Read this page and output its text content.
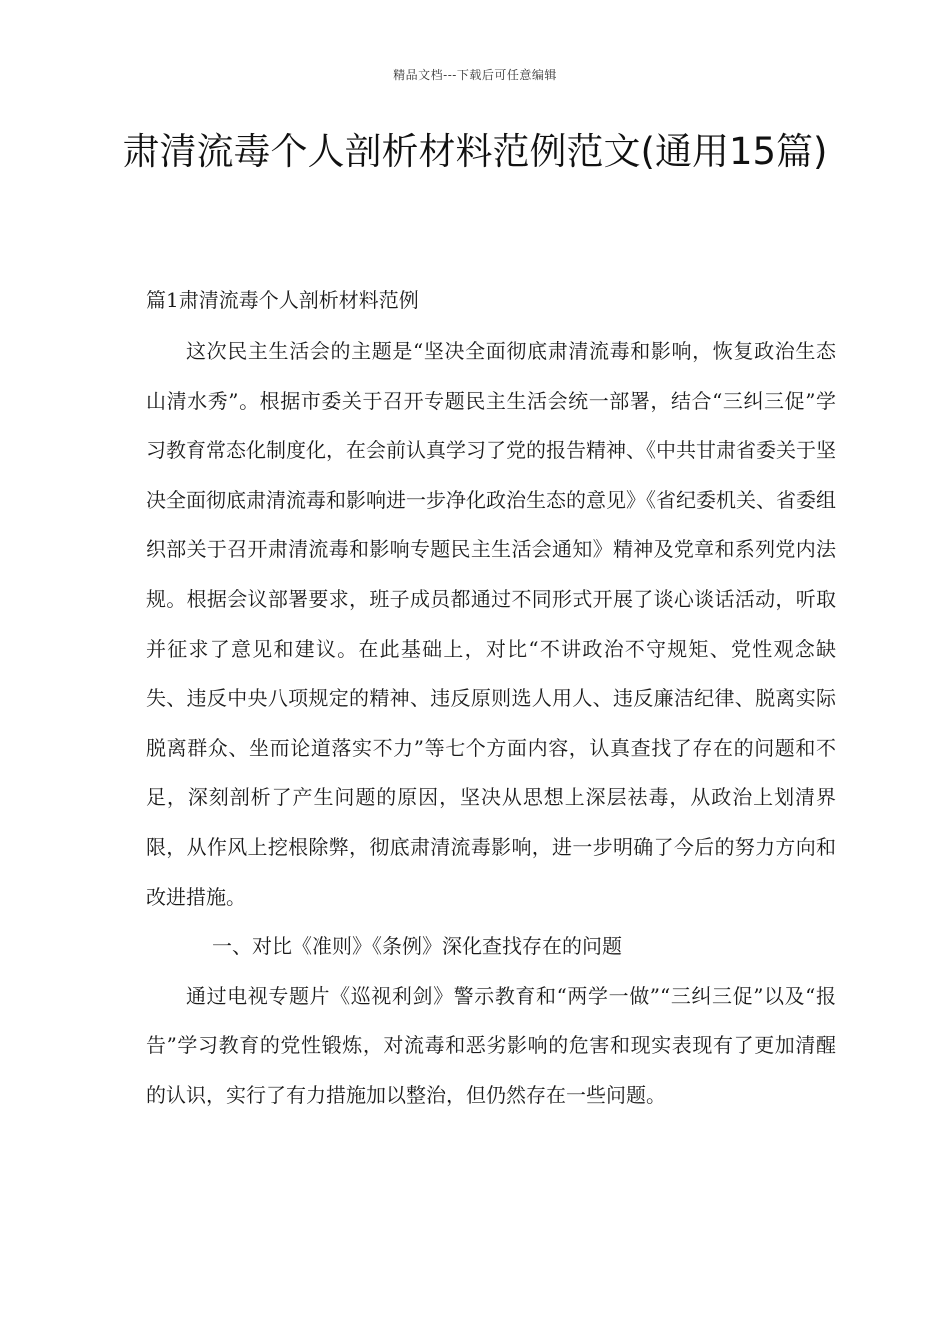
精品文档---下载后可任意编辑
肃清流毒个人剖析材料范例范文(通用15篇)
篇1肃清流毒个人剖析材料范例

这次民主生活会的主题是“坚决全面彻底肃清流毒和影响，恢复政治生态山清水秀”。根据市委关于召开专题民主生活会统一部署，结合“三纠三促”学习教育常态化制度化，在会前认真学习了党的报告精神、《中共甘肃省委关于坚决全面彻底肃清流毒和影响进一步净化政治生态的意见》《省纪委机关、省委组织部关于召开肃清流毒和影响专题民主生活会通知》精神及党章和系列党内法规。根据会议部署要求，班子成员都通过不同形式开展了谈心谈话活动，听取并征求了意见和建议。在此基础上，对比“不讲政治不守规矩、党性观念缺失、违反中央八项规定的精神、违反原则选人用人、违反廉洁纪律、脱离实际脱离群众、坐而论道落实不力”等七个方面内容，认真查找了存在的问题和不足，深刻剖析了产生问题的原因，坚决从思想上深层祛毒，从政治上划清界限，从作风上挖根除弊，彻底肃清流毒影响，进一步明确了今后的努力方向和改进措施。

一、对比《准则》《条例》深化查找存在的问题

通过电视专题片《巡视利剑》警示教育和“两学一做”“三纠三促”以及“报告”学习教育的党性锻炼，对流毒和恶劣影响的危害和现实表现有了更加清醒的认识，实行了有力措施加以整治，但仍然存在一些问题。
